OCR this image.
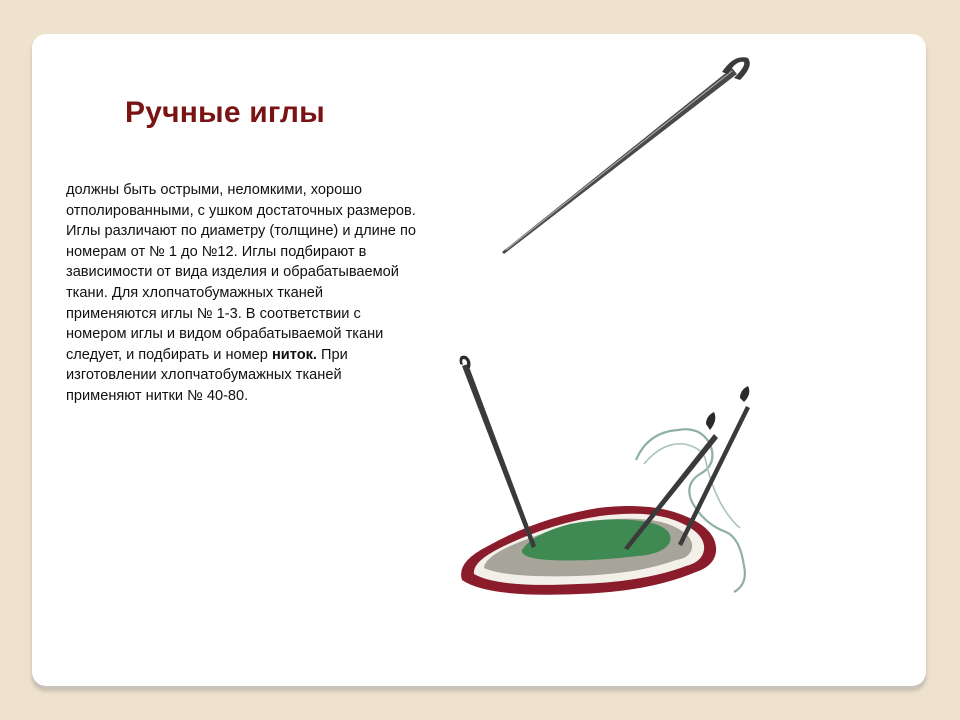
Ручные иглы

должны быть острыми, неломкими, хорошо отполированными, с ушком достаточных размеров. Иглы различают по диаметру (толщине) и длине по номерам от № 1 до №12. Иглы подбирают в зависимости от вида изделия и обрабатываемой ткани. Для хлопчатобумажных тканей применяются иглы № 1-3. В соответствии с номером иглы и видом обрабатываемой ткани следует, и подбирать и номер ниток. При изготовлении хлопчатобумажных тканей применяют нитки № 40-80.
